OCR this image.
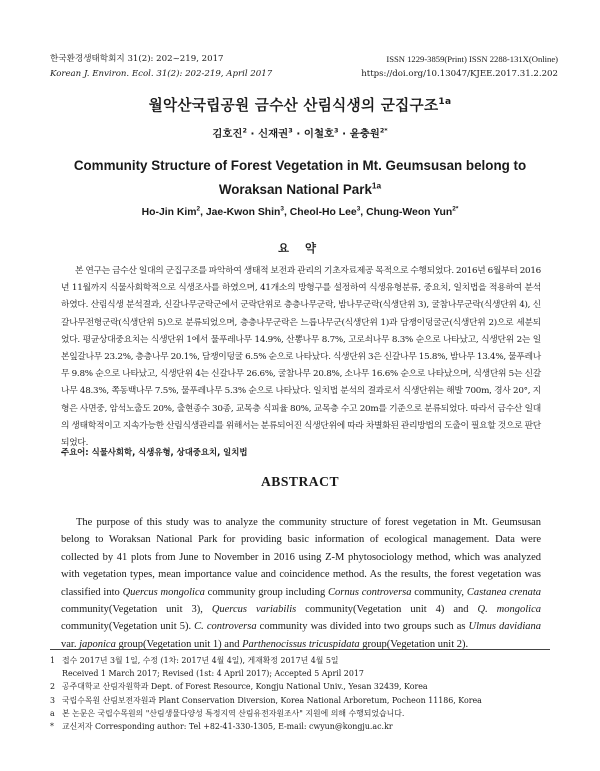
한국환경생태학회지 31(2): 202~219, 2017
Korean J. Environ. Ecol. 31(2): 202-219, April 2017
ISSN 1229-3859(Print) ISSN 2288-131X(Online)
https://doi.org/10.13047/KJEE.2017.31.2.202
월악산국립공원 금수산 산림식생의 군집구조$^{1a}$
김호진$^2$ · 신재권$^3$ · 이철호$^3$ · 윤충원$^{2*}$
Community Structure of Forest Vegetation in Mt. Geumsusan belong to
Woraksan National Park$^{1a}$
Ho-Jin Kim$^2$, Jae-Kwon Shin$^3$, Cheol-Ho Lee$^3$, Chung-Weon Yun$^{2*}$
요 약

본 연구는 금수산 일대의 군집구조를 파악하여 생태적 보전과 관리의 기초자료제공 목적으로 수행되었다. 2016년 6월부터 2016년 11월까지 식물사회학적으로 식생조사를 하였으며, 41개소의 방형구를 설정하여 식생유형분류, 중요치, 일치법을 적용하여 분석하였다. 산림식생 분석결과, 신갈나무군락군에서 군락단위로 층층나무군락, 밤나무군락(식생단위 3), 굴참나무군락(식생단위 4), 신갈나무전형군락(식생단위 5)으로 분류되었으며, 층층나무군락은 느릅나무군(식생단위 1)과 담쟁이덩굴군(식생단위 2)으로 세분되었다. 평균상대중요치는 식생단위 1에서 물푸레나무 14.9%, 산뽕나무 8.7%, 고로쇠나무 8.3% 순으로 나타났고, 식생단위 2는 일본잎갈나무 23.2%, 층층나무 20.1%, 담쟁이덩굴 6.5% 순으로 나타났다. 식생단위 3은 신갈나무 15.8%, 밤나무 13.4%, 물푸레나무 9.8% 순으로 나타났고, 식생단위 4는 신갈나무 26.6%, 굴참나무 20.8%, 소나무 16.6% 순으로 나타났으며, 식생단위 5는 신갈나무 48.3%, 쪽동백나무 7.5%, 물푸레나무 5.3% 순으로 나타났다. 일치법 분석의 결과로서 식생단위는 해발 700m, 경사 20°, 지형은 사면중, 암석노출도 20%, 출현종수 30종, 교목층 식피율 80%, 교목층 수고 20m를 기준으로 분류되었다. 따라서 금수산 일대의 생태학적이고 지속가능한 산림식생관리를 위해서는 분류되어진 식생단위에 따라 차별화된 관리방법의 도출이 필요할 것으로 판단되었다.

주요어: 식물사회학, 식생유형, 상대중요치, 일치법
ABSTRACT

The purpose of this study was to analyze the community structure of forest vegetation in Mt. Geumsusan belong to Woraksan National Park for providing basic information of ecological management. Data were collected by 41 plots from June to November in 2016 using Z-M phytosociology method, which was analyzed with vegetation types, mean importance value and coincidence method. As the results, the forest vegetation was classified into Quercus mongolica community group including Cornus controversa community, Castanea crenata community(Vegetation unit 3), Quercus variabilis community(Vegetation unit 4) and Q. mongolica community(Vegetation unit 5). C. controversa community was divided into two groups such as Ulmus davidiana var. japonica group(Vegetation unit 1) and Parthenocissus tricuspidata group(Vegetation unit 2).

1 접수 2017년 3월 1일, 수정 (1차: 2017년 4월 4일), 게재확정 2017년 4월 5일
Received 1 March 2017; Revised (1st: 4 April 2017); Accepted 5 April 2017
2 공주대학교 산림자원학과 Dept. of Forest Resource, Kongju National Univ., Yesan 32439, Korea
3 국립수목원 산림보전자원과 Plant Conservation Diversion, Korea National Arboretum, Pocheon 11186, Korea
a 본 논문은 국립수목원의 "산림생물다양성 특정지역 산림유전자원조사" 지원에 의해 수행되었습니다.
* 교신저자 Corresponding author: Tel +82-41-330-1305, E-mail: cwyun@kongju.ac.kr
